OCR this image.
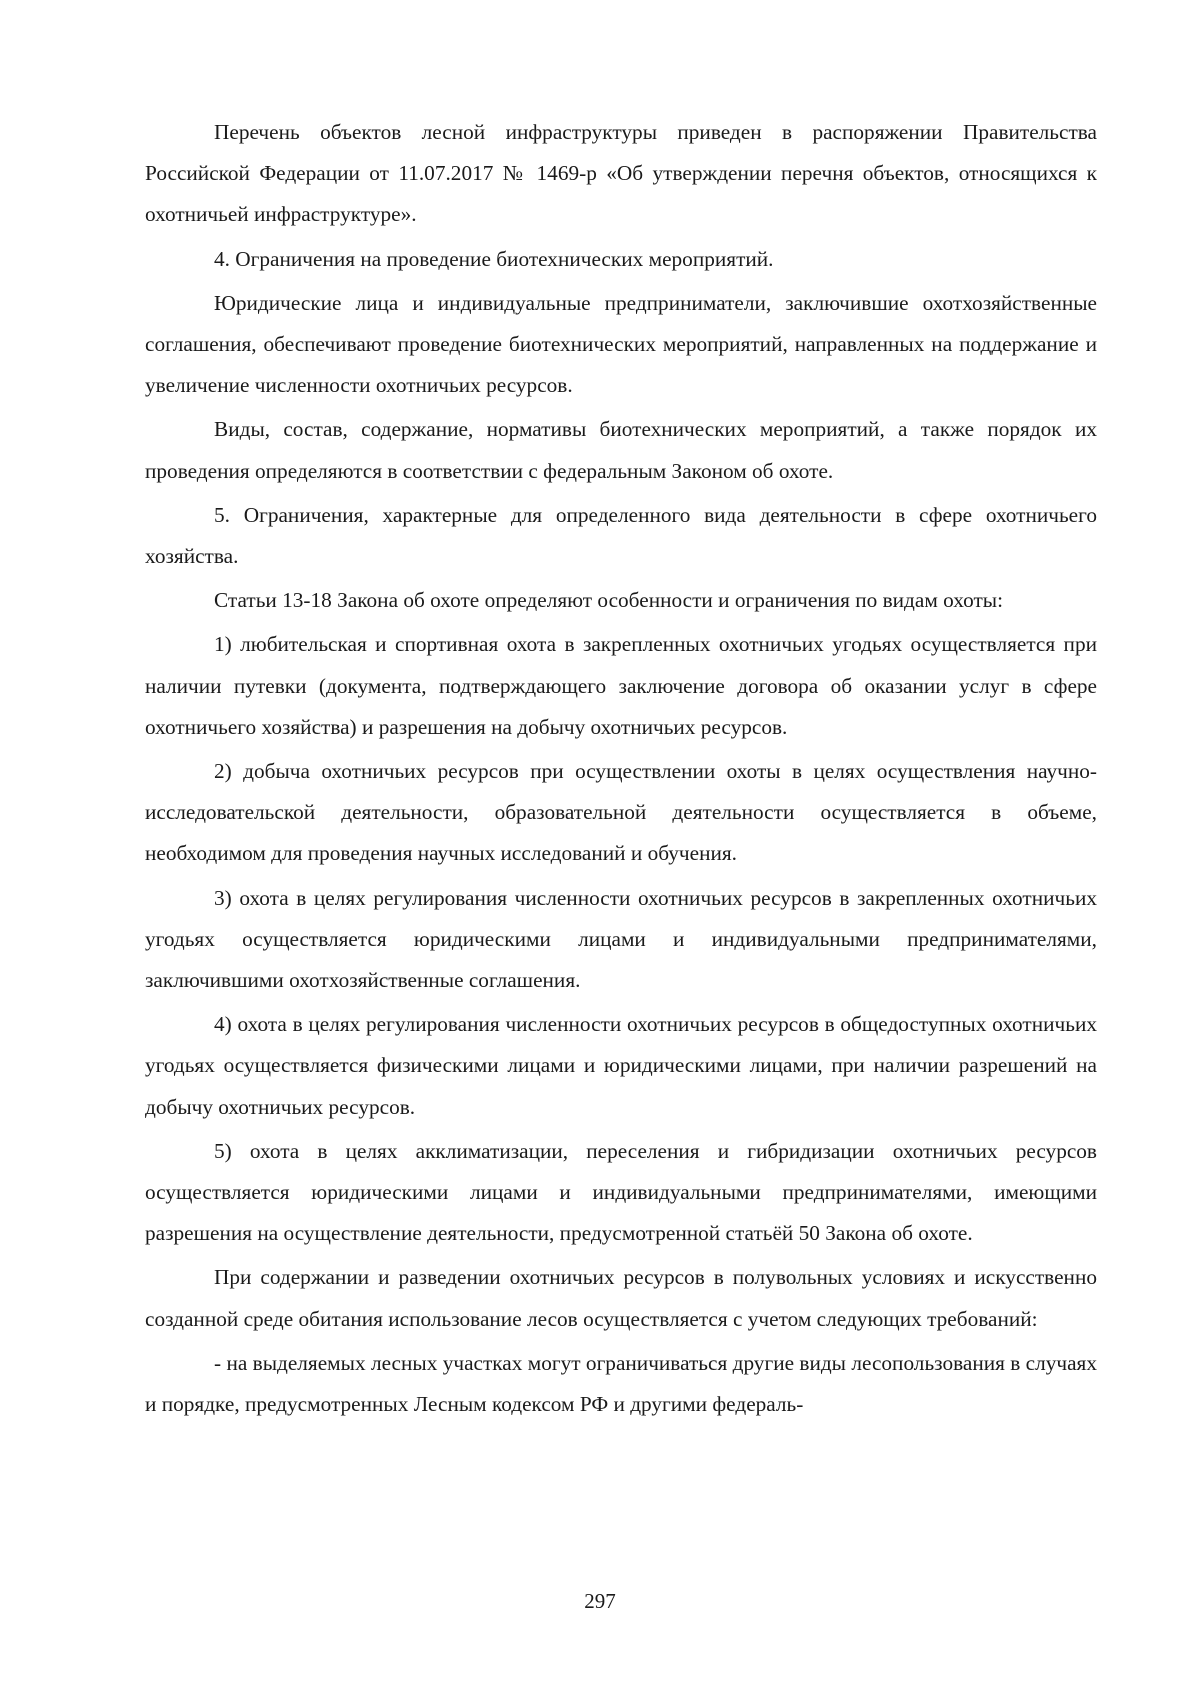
Перечень объектов лесной инфраструктуры приведен в распоряжении Правительства Российской Федерации от 11.07.2017 № 1469-р «Об утверждении перечня объектов, относящихся к охотничьей инфраструктуре».

4. Ограничения на проведение биотехнических мероприятий.

Юридические лица и индивидуальные предприниматели, заключившие охотхозяйственные соглашения, обеспечивают проведение биотехнических мероприятий, направленных на поддержание и увеличение численности охотничьих ресурсов.

Виды, состав, содержание, нормативы биотехнических мероприятий, а также порядок их проведения определяются в соответствии с федеральным Законом об охоте.

5. Ограничения, характерные для определенного вида деятельности в сфере охотничьего хозяйства.

Статьи 13-18 Закона об охоте определяют особенности и ограничения по видам охоты:

1) любительская и спортивная охота в закрепленных охотничьих угодьях осуществляется при наличии путевки (документа, подтверждающего заключение договора об оказании услуг в сфере охотничьего хозяйства) и разрешения на добычу охотничьих ресурсов.

2) добыча охотничьих ресурсов при осуществлении охоты в целях осуществления научно-исследовательской деятельности, образовательной деятельности осуществляется в объеме, необходимом для проведения научных исследований и обучения.

3) охота в целях регулирования численности охотничьих ресурсов в закрепленных охотничьих угодьях осуществляется юридическими лицами и индивидуальными предпринимателями, заключившими охотхозяйственные соглашения.

4) охота в целях регулирования численности охотничьих ресурсов в общедоступных охотничьих угодьях осуществляется физическими лицами и юридическими лицами, при наличии разрешений на добычу охотничьих ресурсов.

5) охота в целях акклиматизации, переселения и гибридизации охотничьих ресурсов осуществляется юридическими лицами и индивидуальными предпринимателями, имеющими разрешения на осуществление деятельности, предусмотренной статьёй 50 Закона об охоте.

При содержании и разведении охотничьих ресурсов в полувольных условиях и искусственно созданной среде обитания использование лесов осуществляется с учетом следующих требований:

- на выделяемых лесных участках могут ограничиваться другие виды лесопользования в случаях и порядке, предусмотренных Лесным кодексом РФ и другими федераль-

297
